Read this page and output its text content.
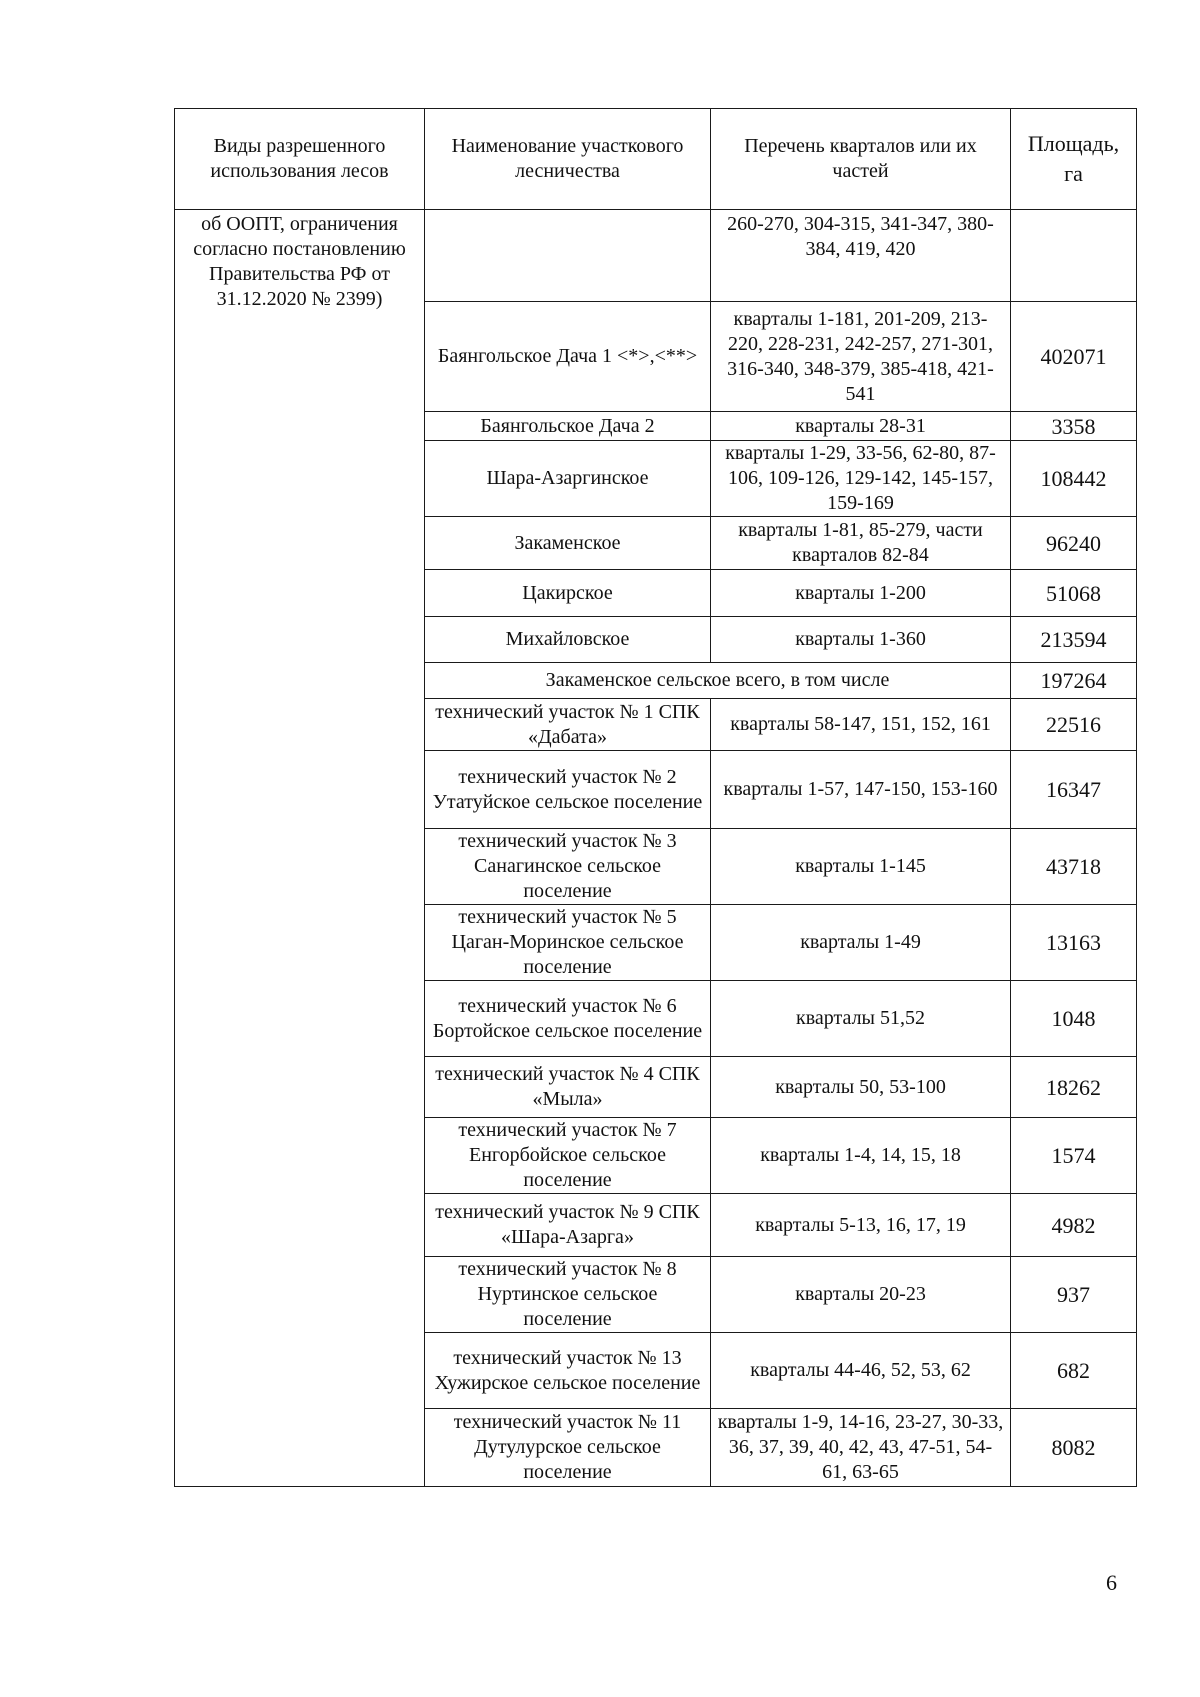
Виды разрешенного использования лесов	Наименование участкового лесничества	Перечень кварталов или их частей	Площадь, га
об ООПТ, ограничения согласно постановлению Правительства РФ от 31.12.2020 № 2399)		260-270, 304-315, 341-347, 380-384, 419, 420	
	Баянгольское Дача 1 <*>,<**>	кварталы 1-181, 201-209, 213-220, 228-231, 242-257, 271-301, 316-340, 348-379, 385-418, 421-541	402071
	Баянгольское Дача 2	кварталы 28-31	3358
	Шара-Азаргинское	кварталы 1-29, 33-56, 62-80, 87-106, 109-126, 129-142, 145-157, 159-169	108442
	Закаменское	кварталы 1-81, 85-279, части кварталов 82-84	96240
	Цакирское	кварталы 1-200	51068
	Михайловское	кварталы 1-360	213594
	Закаменское сельское всего, в том числе		197264
	технический участок № 1 СПК «Дабата»	кварталы 58-147, 151, 152, 161	22516
	технический участок № 2 Утатуйское сельское поселение	кварталы 1-57, 147-150, 153-160	16347
	технический участок № 3 Санагинское сельское поселение	кварталы 1-145	43718
	технический участок № 5 Цаган-Моринское сельское поселение	кварталы 1-49	13163
	технический участок № 6 Бортойское сельское поселение	кварталы 51,52	1048
	технический участок № 4 СПК «Мыла»	кварталы 50, 53-100	18262
	технический участок № 7 Енгорбойское сельское поселение	кварталы 1-4, 14, 15, 18	1574
	технический участок № 9 СПК «Шара-Азарга»	кварталы 5-13, 16, 17, 19	4982
	технический участок № 8 Нуртинское сельское поселение	кварталы 20-23	937
	технический участок № 13 Хужирское сельское поселение	кварталы 44-46, 52, 53, 62	682
	технический участок № 11 Дутулурское сельское поселение	кварталы 1-9, 14-16, 23-27, 30-33, 36, 37, 39, 40, 42, 43, 47-51, 54-61, 63-65	8082
6
